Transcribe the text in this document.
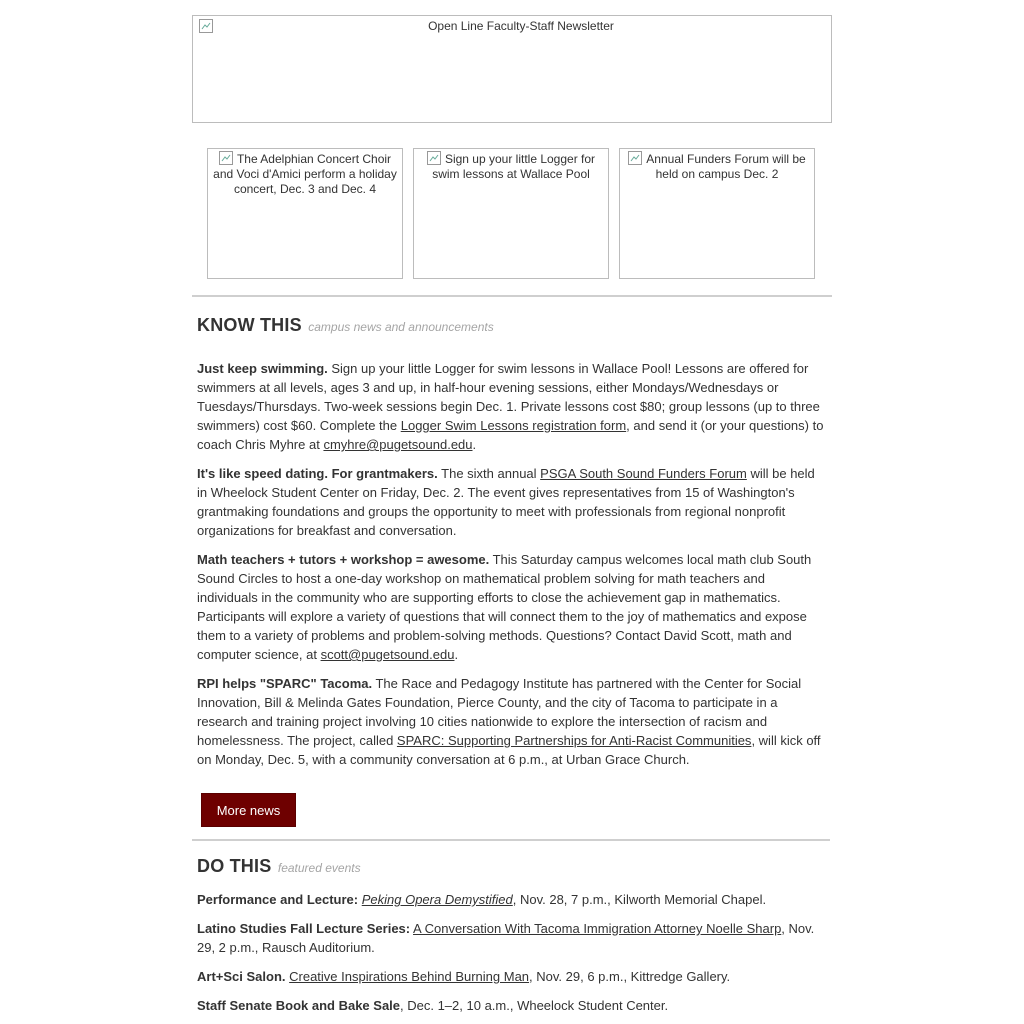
Open Line Faculty-Staff Newsletter
The Adelphian Concert Choir and Voci d'Amici perform a holiday concert, Dec. 3 and Dec. 4
Sign up your little Logger for swim lessons at Wallace Pool
Annual Funders Forum will be held on campus Dec. 2
KNOW THIS campus news and announcements
Just keep swimming. Sign up your little Logger for swim lessons in Wallace Pool! Lessons are offered for swimmers at all levels, ages 3 and up, in half-hour evening sessions, either Mondays/Wednesdays or Tuesdays/Thursdays. Two-week sessions begin Dec. 1. Private lessons cost $80; group lessons (up to three swimmers) cost $60. Complete the Logger Swim Lessons registration form, and send it (or your questions) to coach Chris Myhre at cmyhre@pugetsound.edu.
It's like speed dating. For grantmakers. The sixth annual PSGA South Sound Funders Forum will be held in Wheelock Student Center on Friday, Dec. 2. The event gives representatives from 15 of Washington's grantmaking foundations and groups the opportunity to meet with professionals from regional nonprofit organizations for breakfast and conversation.
Math teachers + tutors + workshop = awesome. This Saturday campus welcomes local math club South Sound Circles to host a one-day workshop on mathematical problem solving for math teachers and individuals in the community who are supporting efforts to close the achievement gap in mathematics. Participants will explore a variety of questions that will connect them to the joy of mathematics and expose them to a variety of problems and problem-solving methods. Questions? Contact David Scott, math and computer science, at scott@pugetsound.edu.
RPI helps "SPARC" Tacoma. The Race and Pedagogy Institute has partnered with the Center for Social Innovation, Bill & Melinda Gates Foundation, Pierce County, and the city of Tacoma to participate in a research and training project involving 10 cities nationwide to explore the intersection of racism and homelessness. The project, called SPARC: Supporting Partnerships for Anti-Racist Communities, will kick off on Monday, Dec. 5, with a community conversation at 6 p.m., at Urban Grace Church.
More news
DO THIS featured events
Performance and Lecture: Peking Opera Demystified, Nov. 28, 7 p.m., Kilworth Memorial Chapel.
Latino Studies Fall Lecture Series: A Conversation With Tacoma Immigration Attorney Noelle Sharp, Nov. 29, 2 p.m., Rausch Auditorium.
Art+Sci Salon. Creative Inspirations Behind Burning Man, Nov. 29, 6 p.m., Kittredge Gallery.
Staff Senate Book and Bake Sale, Dec. 1–2, 10 a.m., Wheelock Student Center.
